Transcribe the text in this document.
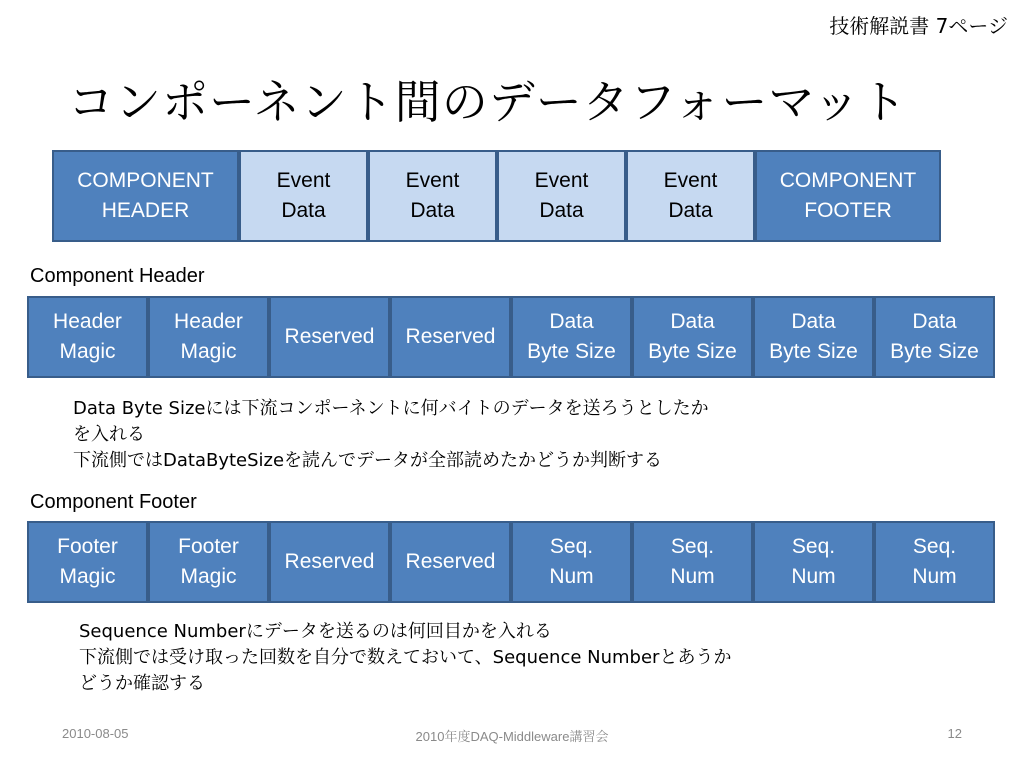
技術解説書 7ページ
コンポーネント間のデータフォーマット
COMPONENT
HEADER
Event
Data
Event
Data
Event
Data
Event
Data
COMPONENT
FOOTER
Component Header
Header
Magic
Header
Magic
Reserved Reserved
Data
Byte Size
Data
Byte Size
Data
Byte Size
Data
Byte Size
Data Byte Sizeには下流コンポーネントに何バイトのデータを送ろうとしたか
を入れる
下流側ではDataByteSizeを読んでデータが全部読めたかどうか判断する
Component Footer
Footer
Magic
Footer
Magic
Reserved Reserved
Seq.
Num
Seq.
Num
Seq.
Num
Seq.
Num
Sequence Numberにデータを送るのは何回目かを入れる
下流側では受け取った回数を自分で数えておいて、Sequence Numberとあうか
どうか確認する
2010-08-05	2010年度DAQ-Middleware講習会	12
